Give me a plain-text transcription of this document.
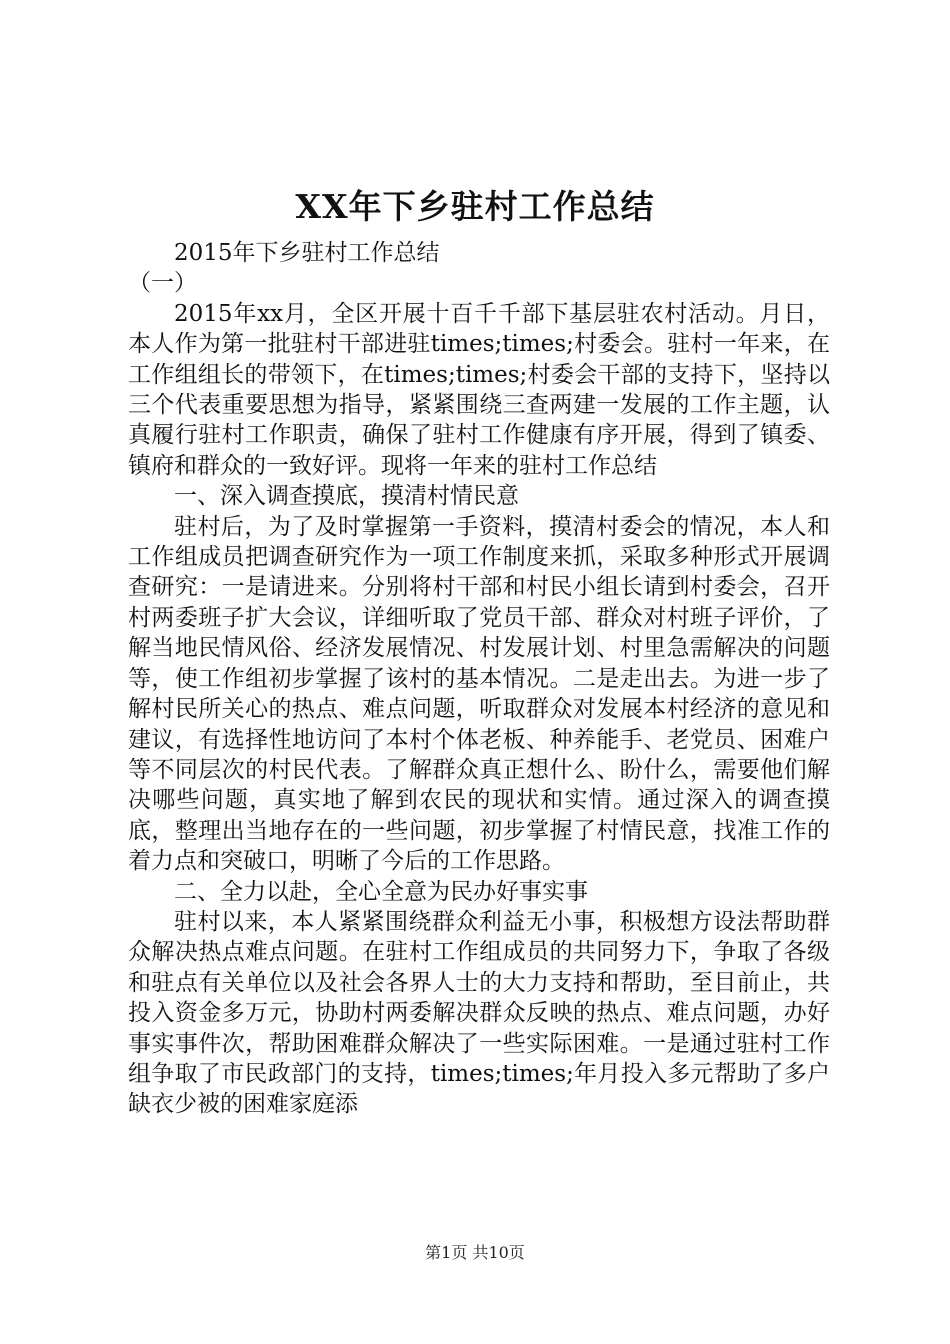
XX年下乡驻村工作总结

2015年下乡驻村工作总结

（一）

2015年xx月，全区开展十百千千部下基层驻农村活动。月日，本人作为第一批驻村干部进驻times;times;村委会。驻村一年来，在工作组组长的带领下，在times;times;村委会干部的支持下，坚持以三个代表重要思想为指导，紧紧围绕三查两建一发展的工作主题，认真履行驻村工作职责，确保了驻村工作健康有序开展，得到了镇委、镇府和群众的一致好评。现将一年来的驻村工作总结

一、深入调查摸底，摸清村情民意

驻村后，为了及时掌握第一手资料，摸清村委会的情况，本人和工作组成员把调查研究作为一项工作制度来抓，采取多种形式开展调查研究：一是请进来。分别将村干部和村民小组长请到村委会，召开村两委班子扩大会议，详细听取了党员干部、群众对村班子评价，了解当地民情风俗、经济发展情况、村发展计划、村里急需解决的问题等，使工作组初步掌握了该村的基本情况。二是走出去。为进一步了解村民所关心的热点、难点问题，听取群众对发展本村经济的意见和建议，有选择性地访问了本村个体老板、种养能手、老党员、困难户等不同层次的村民代表。了解群众真正想什么、盼什么，需要他们解决哪些问题，真实地了解到农民的现状和实情。通过深入的调查摸底，整理出当地存在的一些问题，初步掌握了村情民意，找准工作的着力点和突破口，明晰了今后的工作思路。

二、全力以赴，全心全意为民办好事实事

驻村以来，本人紧紧围绕群众利益无小事，积极想方设法帮助群众解决热点难点问题。在驻村工作组成员的共同努力下，争取了各级和驻点有关单位以及社会各界人士的大力支持和帮助，至目前止，共投入资金多万元，协助村两委解决群众反映的热点、难点问题，办好事实事件次，帮助困难群众解决了一些实际困难。一是通过驻村工作组争取了市民政部门的支持，times;times;年月投入多元帮助了多户缺衣少被的困难家庭添

第1页 共10页
